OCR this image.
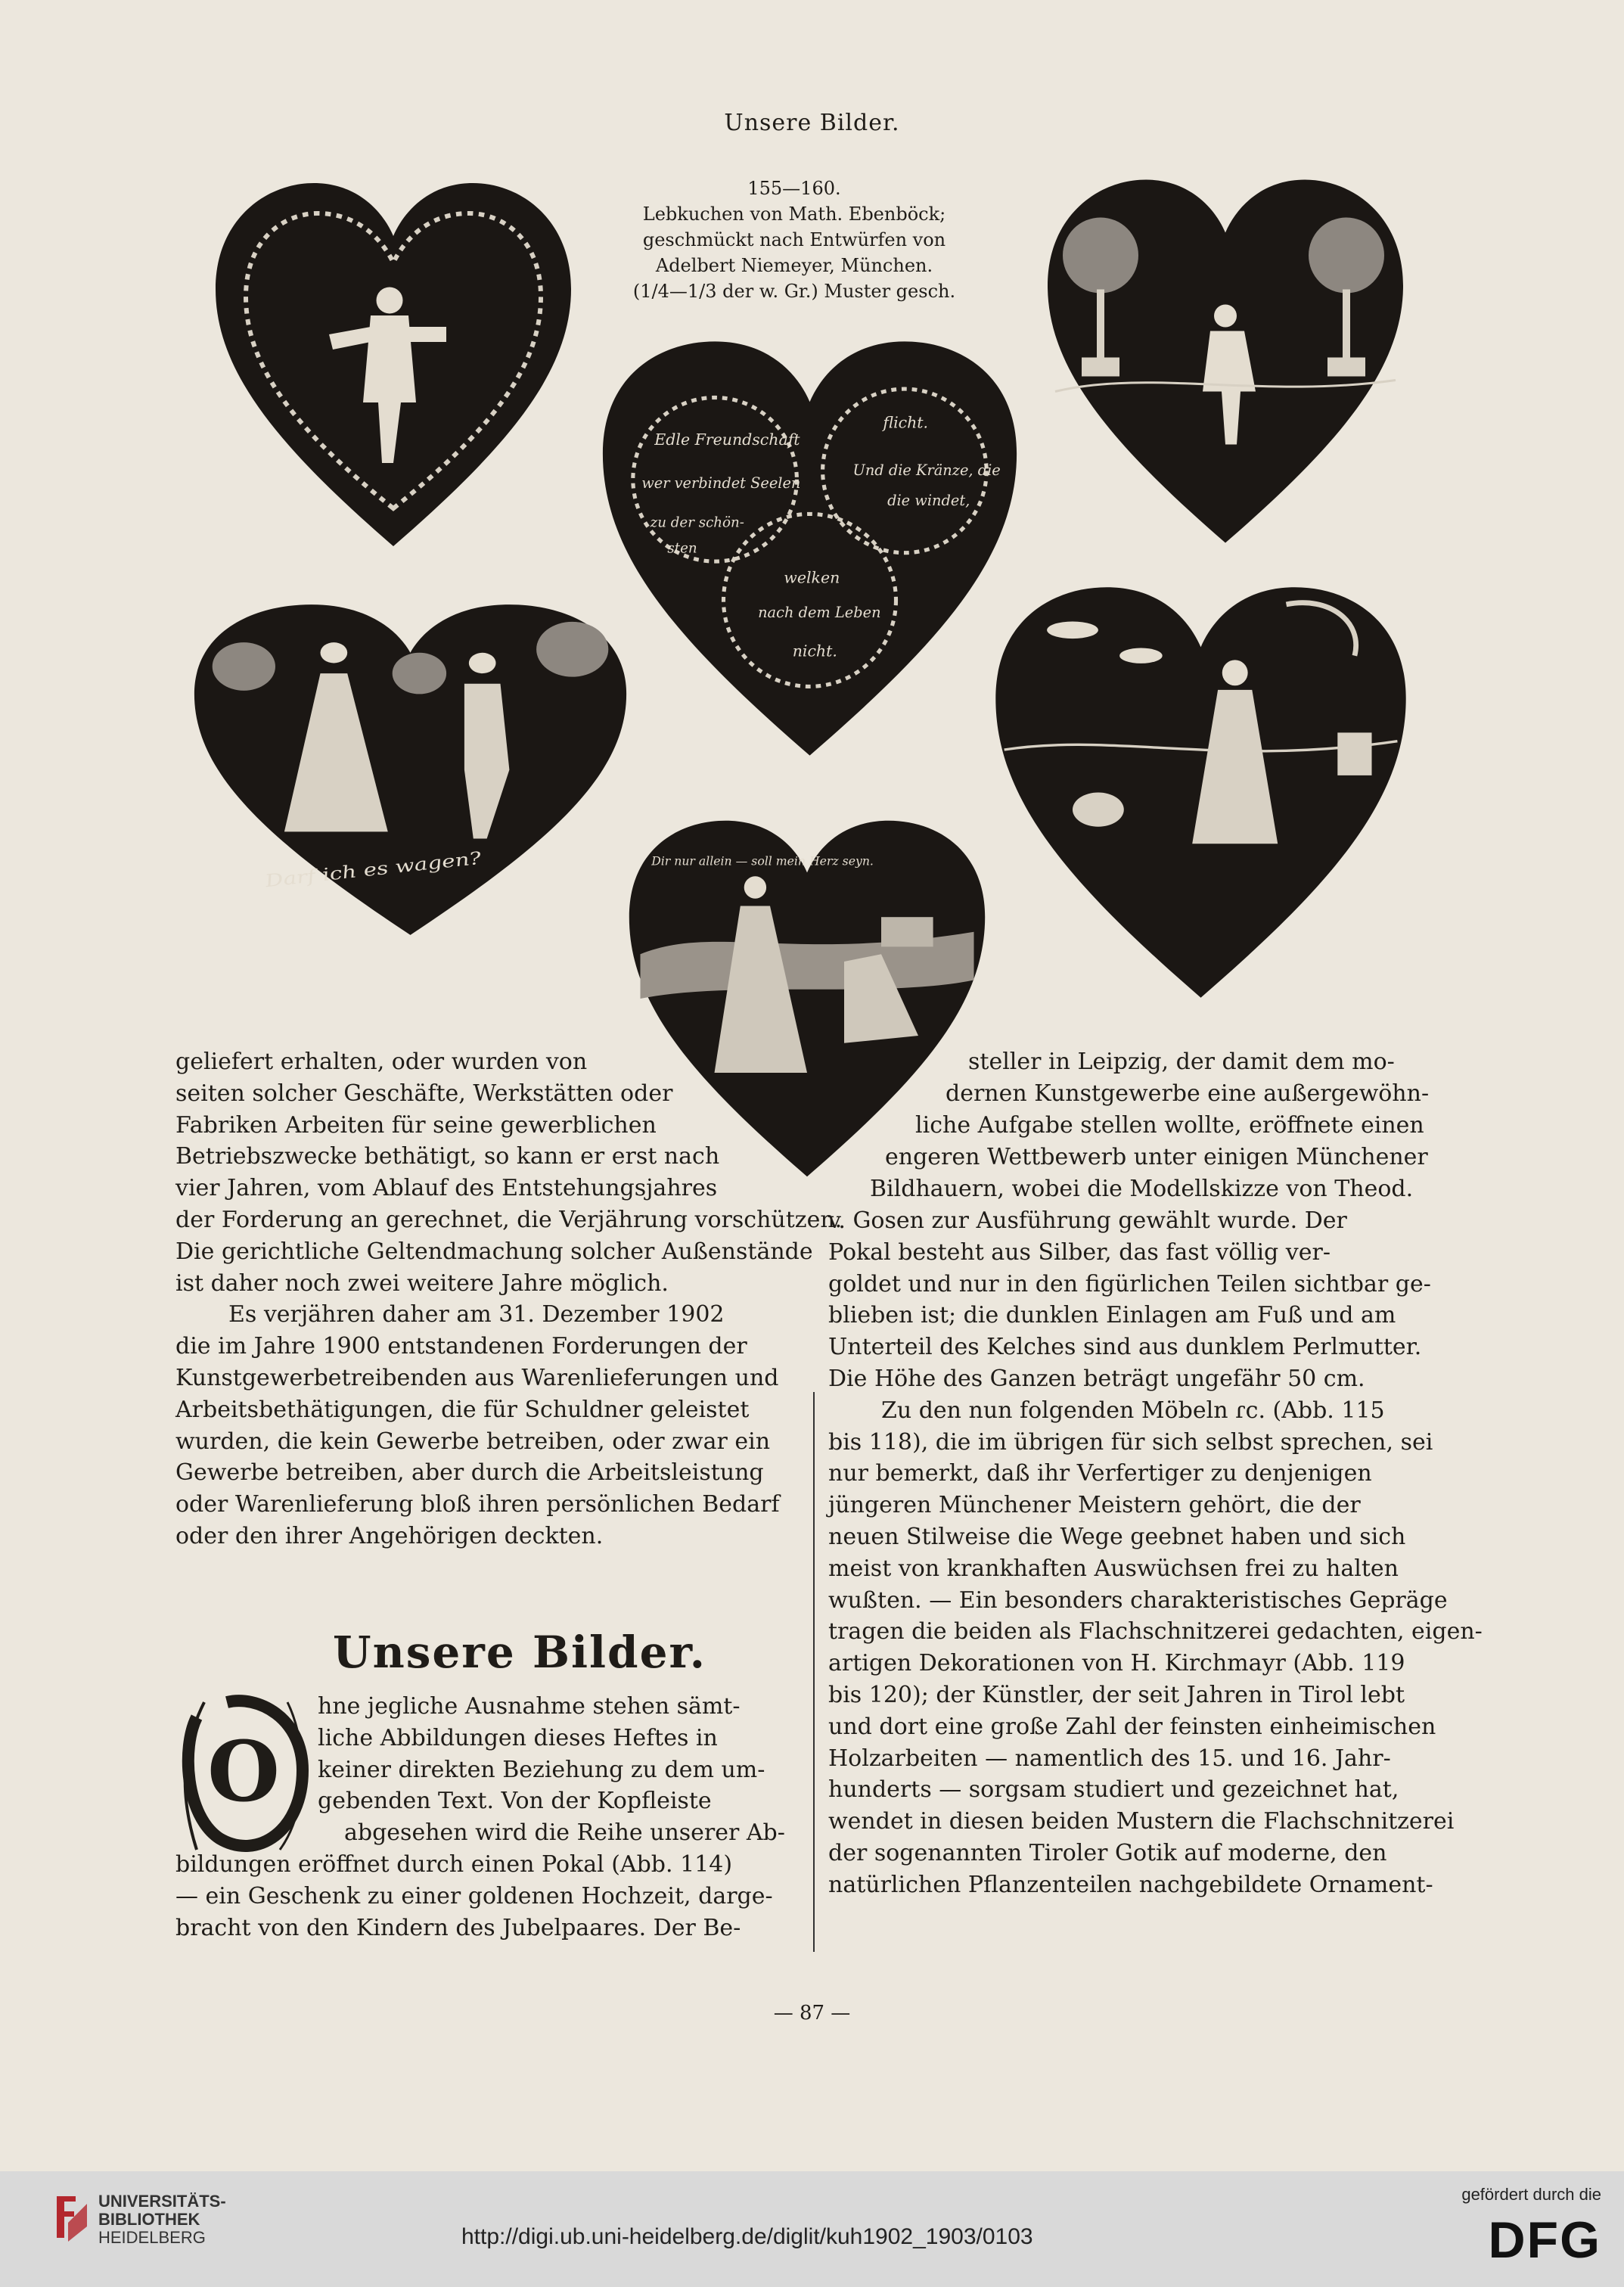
Unsere Bilder.
155—160.
Lebkuchen von Math. Ebenböck;
geschmückt nach Entwürfen von
Adelbert Niemeyer, München.
(1/4—1/3 der w. Gr.) Muster gesch.
Edle Freundschaft
flicht.
Und die Kränze, die
die windet,
wer verbindet Seelen
zu der schön-
sten
welken
nach dem Leben
nicht.
Darf ich es wagen?	Dir nur allein — soll mein Herz seyn.
geliefert erhalten, oder wurden von
seiten solcher Geschäfte, Werkstätten oder
Fabriken Arbeiten für seine gewerblichen
Betriebszwecke bethätigt, so kann er erst nach
vier Jahren, vom Ablauf des Entstehungsjahres
der Forderung an gerechnet, die Verjährung vorschützen.
Die gerichtliche Geltendmachung solcher Außenstände
ist daher noch zwei weitere Jahre möglich.
Es verjähren daher am 31. Dezember 1902
die im Jahre 1900 entstandenen Forderungen der
Kunstgewerbetreibenden aus Warenlieferungen und
Arbeitsbethätigungen, die für Schuldner geleistet
wurden, die kein Gewerbe betreiben, oder zwar ein
Gewerbe betreiben, aber durch die Arbeitsleistung
oder Warenlieferung bloß ihren persönlichen Bedarf
oder den ihrer Angehörigen deckten.
Unsere Bilder.
O
hne jegliche Ausnahme stehen sämt-
liche Abbildungen dieses Heftes in
keiner direkten Beziehung zu dem um-
gebenden Text. Von der Kopfleiste
abgesehen wird die Reihe unserer Ab-
bildungen eröffnet durch einen Pokal (Abb. 114)
— ein Geschenk zu einer goldenen Hochzeit, darge-
bracht von den Kindern des Jubelpaares. Der Be-
steller in Leipzig, der damit dem mo-
dernen Kunstgewerbe eine außergewöhn-
liche Aufgabe stellen wollte, eröffnete einen
engeren Wettbewerb unter einigen Münchener
Bildhauern, wobei die Modellskizze von Theod.
v. Gosen zur Ausführung gewählt wurde. Der
Pokal besteht aus Silber, das fast völlig ver-
goldet und nur in den figürlichen Teilen sichtbar ge-
blieben ist; die dunklen Einlagen am Fuß und am
Unterteil des Kelches sind aus dunklem Perlmutter.
Die Höhe des Ganzen beträgt ungefähr 50 cm.
Zu den nun folgenden Möbeln ɾc. (Abb. 115
bis 118), die im übrigen für sich selbst sprechen, sei
nur bemerkt, daß ihr Verfertiger zu denjenigen
jüngeren Münchener Meistern gehört, die der
neuen Stilweise die Wege geebnet haben und sich
meist von krankhaften Auswüchsen frei zu halten
wußten. — Ein besonders charakteristisches Gepräge
tragen die beiden als Flachschnitzerei gedachten, eigen-
artigen Dekorationen von H. Kirchmayr (Abb. 119
bis 120); der Künstler, der seit Jahren in Tirol lebt
und dort eine große Zahl der feinsten einheimischen
Holzarbeiten — namentlich des 15. und 16. Jahr-
hunderts — sorgsam studiert und gezeichnet hat,
wendet in diesen beiden Mustern die Flachschnitzerei
der sogenannten Tiroler Gotik auf moderne, den
natürlichen Pflanzenteilen nachgebildete Ornament-
— 87 —
UNIVERSITÄTS-
BIBLIOTHEK
HEIDELBERG	http://digi.ub.uni-heidelberg.de/diglit/kuh1902_1903/0103
gefördert durch die
DFG
